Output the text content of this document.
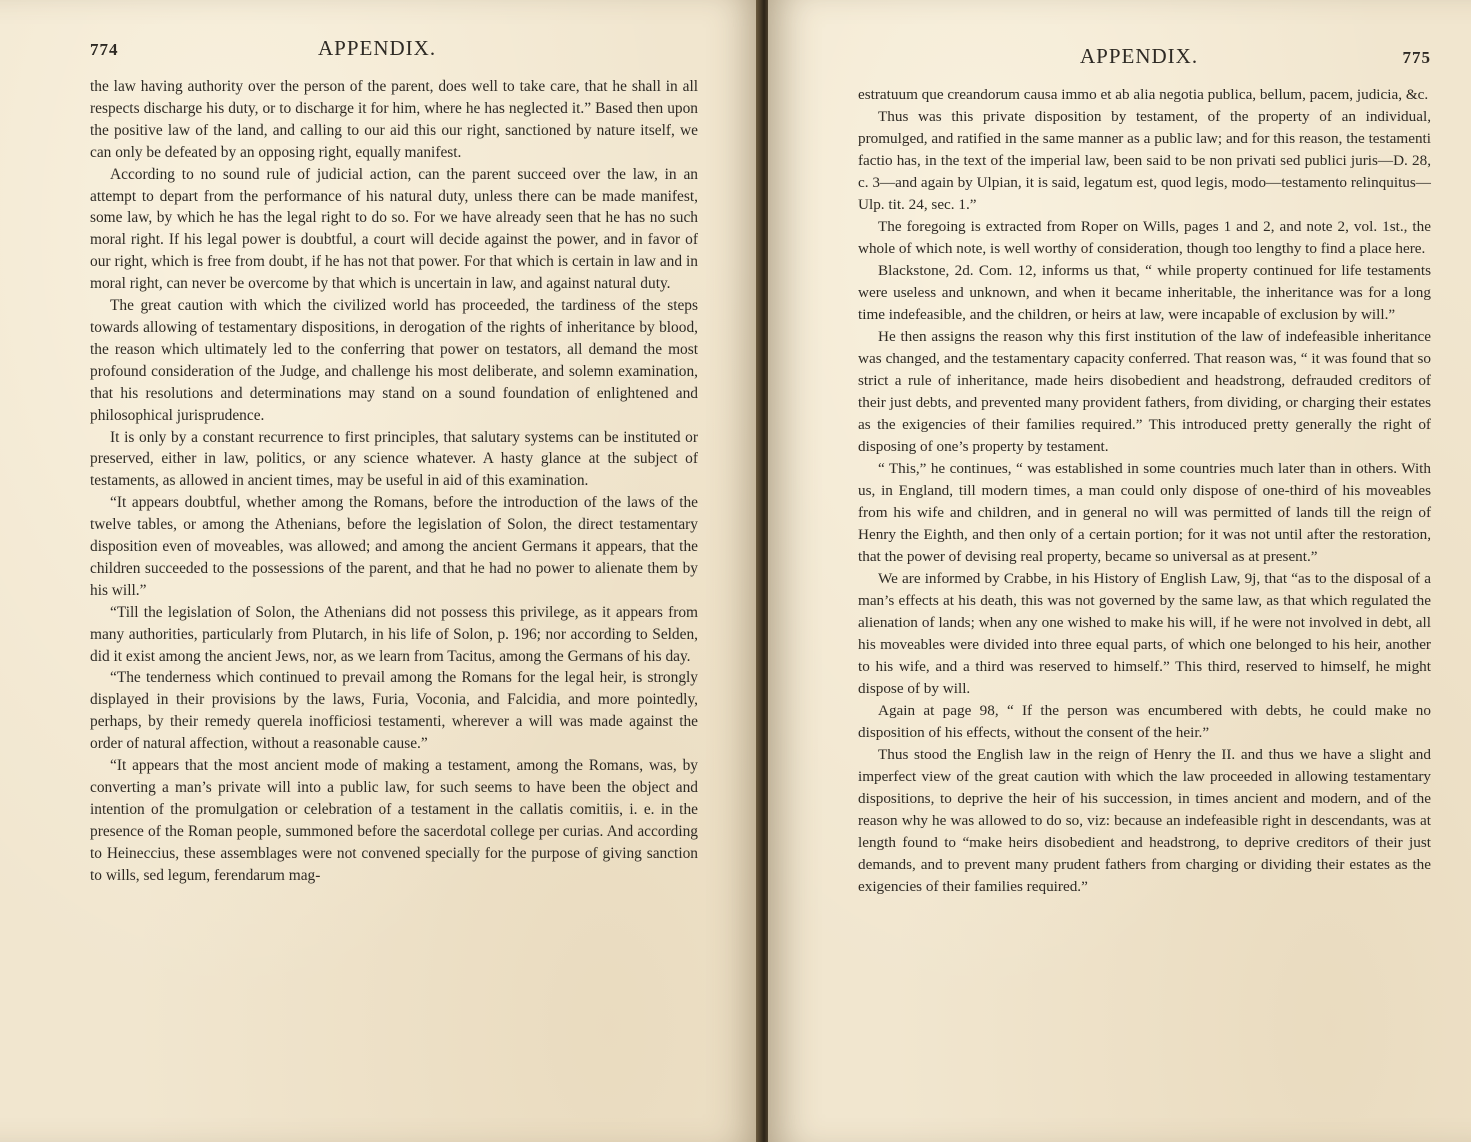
774	APPENDIX.

the law having authority over the person of the parent, does well to take care, that he shall in all respects discharge his duty, or to discharge it for him, where he has neglected it.” Based then upon the positive law of the land, and calling to our aid this our right, sanctioned by nature itself, we can only be defeated by an opposing right, equally manifest.

According to no sound rule of judicial action, can the parent succeed over the law, in an attempt to depart from the performance of his natural duty, unless there can be made manifest, some law, by which he has the legal right to do so. For we have already seen that he has no such moral right. If his legal power is doubtful, a court will decide against the power, and in favor of our right, which is free from doubt, if he has not that power. For that which is certain in law and in moral right, can never be overcome by that which is uncertain in law, and against natural duty.

The great caution with which the civilized world has proceeded, the tardiness of the steps towards allowing of testamentary dispositions, in derogation of the rights of inheritance by blood, the reason which ultimately led to the conferring that power on testators, all demand the most profound consideration of the Judge, and challenge his most deliberate, and solemn examination, that his resolutions and determinations may stand on a sound foundation of enlightened and philosophical jurisprudence.

It is only by a constant recurrence to first principles, that salutary systems can be instituted or preserved, either in law, politics, or any science whatever. A hasty glance at the subject of testaments, as allowed in ancient times, may be useful in aid of this examination.

“It appears doubtful, whether among the Romans, before the introduction of the laws of the twelve tables, or among the Athenians, before the legislation of Solon, the direct testamentary disposition even of moveables, was allowed; and among the ancient Germans it appears, that the children succeeded to the possessions of the parent, and that he had no power to alienate them by his will.”

“Till the legislation of Solon, the Athenians did not possess this privilege, as it appears from many authorities, particularly from Plutarch, in his life of Solon, p. 196; nor according to Selden, did it exist among the ancient Jews, nor, as we learn from Tacitus, among the Germans of his day.

“The tenderness which continued to prevail among the Romans for the legal heir, is strongly displayed in their provisions by the laws, Furia, Voconia, and Falcidia, and more pointedly, perhaps, by their remedy querela inofficiosi testamenti, wherever a will was made against the order of natural affection, without a reasonable cause.”

“It appears that the most ancient mode of making a testament, among the Romans, was, by converting a man’s private will into a public law, for such seems to have been the object and intention of the promulgation or celebration of a testament in the callatis comitiis, i. e. in the presence of the Roman people, summoned before the sacerdotal college per curias. And according to Heineccius, these assemblages were not convened specially for the purpose of giving sanction to wills, sed legum, ferendarum mag-

APPENDIX.	775

estratuum que creandorum causa immo et ab alia negotia publica, bellum, pacem, judicia, &c.

Thus was this private disposition by testament, of the property of an individual, promulged, and ratified in the same manner as a public law; and for this reason, the testamenti factio has, in the text of the imperial law, been said to be non privati sed publici juris—D. 28, c. 3—and again by Ulpian, it is said, legatum est, quod legis, modo—testamento relinquitus—Ulp. tit. 24, sec. 1.”

The foregoing is extracted from Roper on Wills, pages 1 and 2, and note 2, vol. 1st., the whole of which note, is well worthy of consideration, though too lengthy to find a place here.

Blackstone, 2d. Com. 12, informs us that, “ while property continued for life testaments were useless and unknown, and when it became inheritable, the inheritance was for a long time indefeasible, and the children, or heirs at law, were incapable of exclusion by will.”

He then assigns the reason why this first institution of the law of indefeasible inheritance was changed, and the testamentary capacity conferred. That reason was, “ it was found that so strict a rule of inheritance, made heirs disobedient and headstrong, defrauded creditors of their just debts, and prevented many provident fathers, from dividing, or charging their estates as the exigencies of their families required.” This introduced pretty generally the right of disposing of one’s property by testament.

“ This,” he continues, “ was established in some countries much later than in others. With us, in England, till modern times, a man could only dispose of one-third of his moveables from his wife and children, and in general no will was permitted of lands till the reign of Henry the Eighth, and then only of a certain portion; for it was not until after the restoration, that the power of devising real property, became so universal as at present.”

We are informed by Crabbe, in his History of English Law, 9j, that “as to the disposal of a man’s effects at his death, this was not governed by the same law, as that which regulated the alienation of lands; when any one wished to make his will, if he were not involved in debt, all his moveables were divided into three equal parts, of which one belonged to his heir, another to his wife, and a third was reserved to himself.” This third, reserved to himself, he might dispose of by will.

Again at page 98, “ If the person was encumbered with debts, he could make no disposition of his effects, without the consent of the heir.”

Thus stood the English law in the reign of Henry the II. and thus we have a slight and imperfect view of the great caution with which the law proceeded in allowing testamentary dispositions, to deprive the heir of his succession, in times ancient and modern, and of the reason why he was allowed to do so, viz: because an indefeasible right in descendants, was at length found to “make heirs disobedient and headstrong, to deprive creditors of their just demands, and to prevent many prudent fathers from charging or dividing their estates as the exigencies of their families required.”
